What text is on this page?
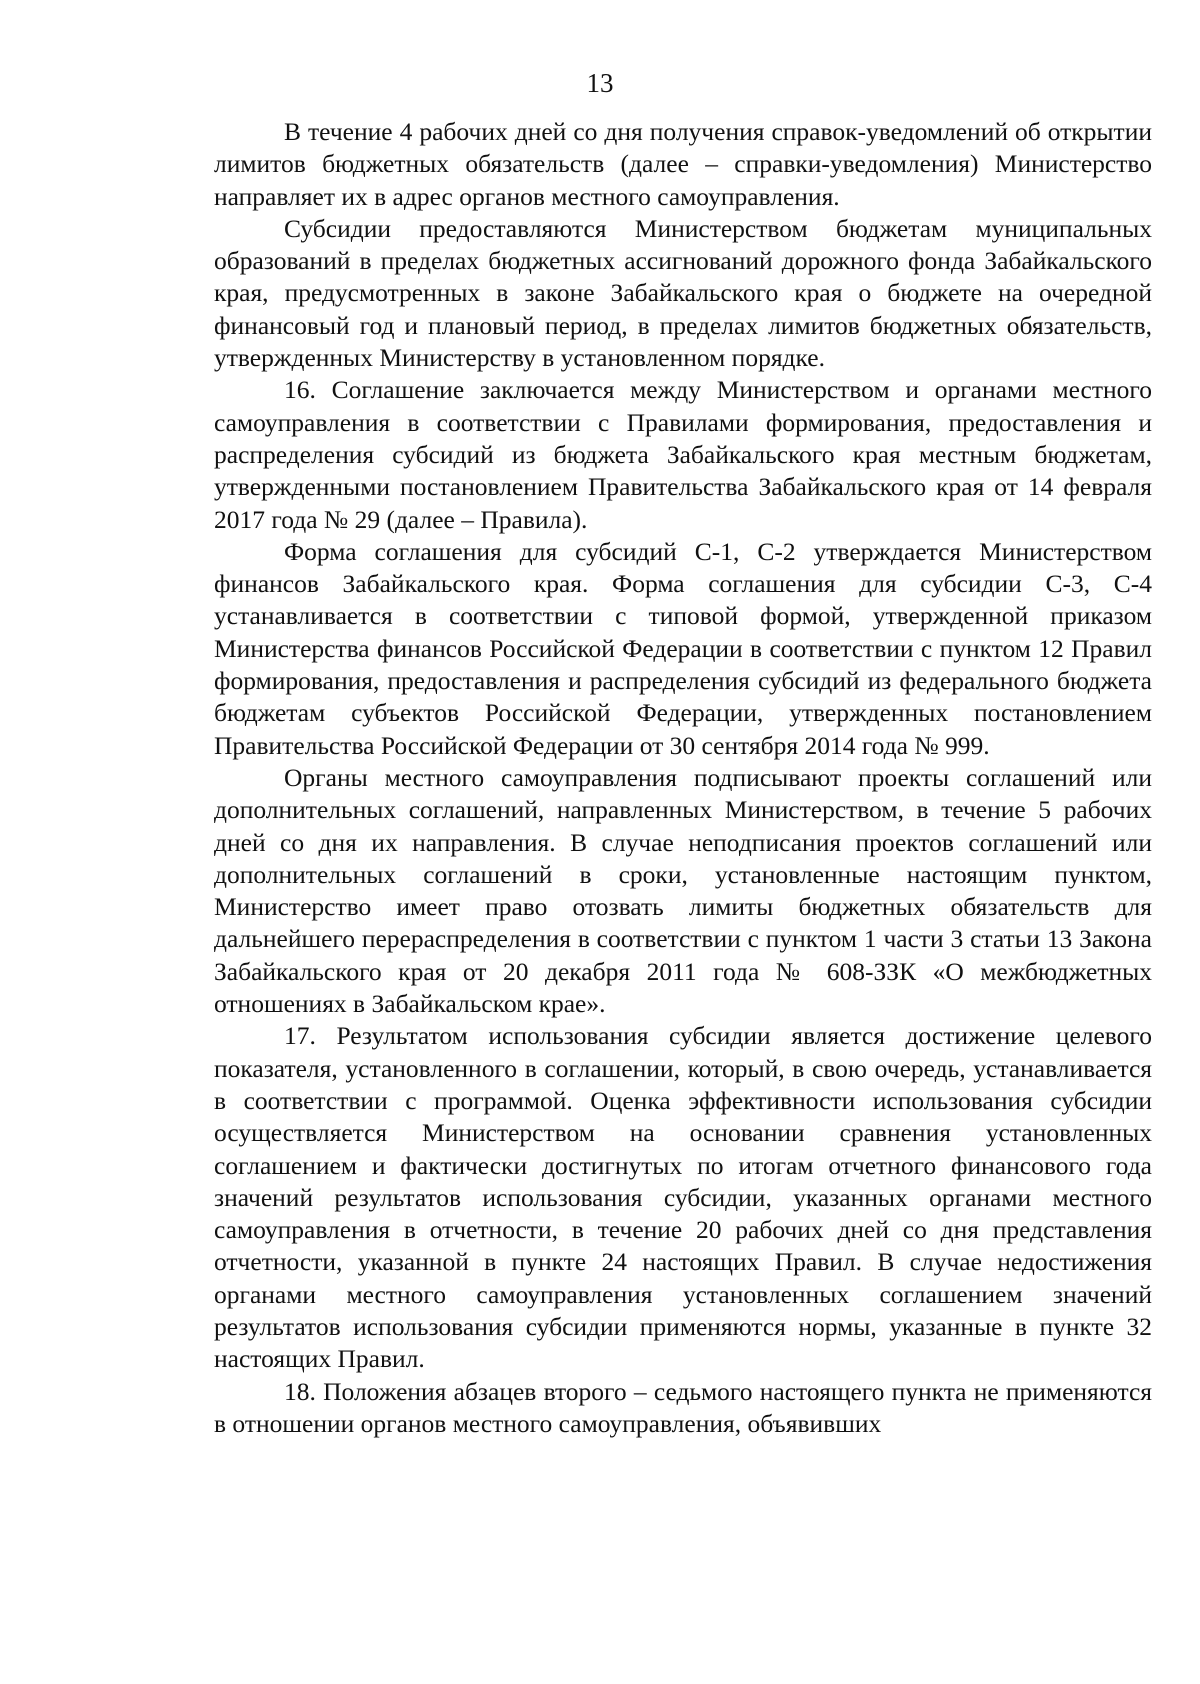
13

В течение 4 рабочих дней со дня получения справок-уведомлений об открытии лимитов бюджетных обязательств (далее – справки-уведомления) Министерство направляет их в адрес органов местного самоуправления.

Субсидии предоставляются Министерством бюджетам муниципальных образований в пределах бюджетных ассигнований дорожного фонда Забайкальского края, предусмотренных в законе Забайкальского края о бюджете на очередной финансовый год и плановый период, в пределах лимитов бюджетных обязательств, утвержденных Министерству в установленном порядке.

16. Соглашение заключается между Министерством и органами местного самоуправления в соответствии с Правилами формирования, предоставления и распределения субсидий из бюджета Забайкальского края местным бюджетам, утвержденными постановлением Правительства Забайкальского края от 14 февраля 2017 года № 29 (далее – Правила).

Форма соглашения для субсидий С-1, С-2 утверждается Министерством финансов Забайкальского края. Форма соглашения для субсидии С-3, С-4 устанавливается в соответствии с типовой формой, утвержденной приказом Министерства финансов Российской Федерации в соответствии с пунктом 12 Правил формирования, предоставления и распределения субсидий из федерального бюджета бюджетам субъектов Российской Федерации, утвержденных постановлением Правительства Российской Федерации от 30 сентября 2014 года № 999.

Органы местного самоуправления подписывают проекты соглашений или дополнительных соглашений, направленных Министерством, в течение 5 рабочих дней со дня их направления. В случае неподписания проектов соглашений или дополнительных соглашений в сроки, установленные настоящим пунктом, Министерство имеет право отозвать лимиты бюджетных обязательств для дальнейшего перераспределения в соответствии с пунктом 1 части 3 статьи 13 Закона Забайкальского края от 20 декабря 2011 года № 608-ЗЗК «О межбюджетных отношениях в Забайкальском крае».

17. Результатом использования субсидии является достижение целевого показателя, установленного в соглашении, который, в свою очередь, устанавливается в соответствии с программой. Оценка эффективности использования субсидии осуществляется Министерством на основании сравнения установленных соглашением и фактически достигнутых по итогам отчетного финансового года значений результатов использования субсидии, указанных органами местного самоуправления в отчетности, в течение 20 рабочих дней со дня представления отчетности, указанной в пункте 24 настоящих Правил. В случае недостижения органами местного самоуправления установленных соглашением значений результатов использования субсидии применяются нормы, указанные в пункте 32 настоящих Правил.

18. Положения абзацев второго – седьмого настоящего пункта не применяются в отношении органов местного самоуправления, объявивших
